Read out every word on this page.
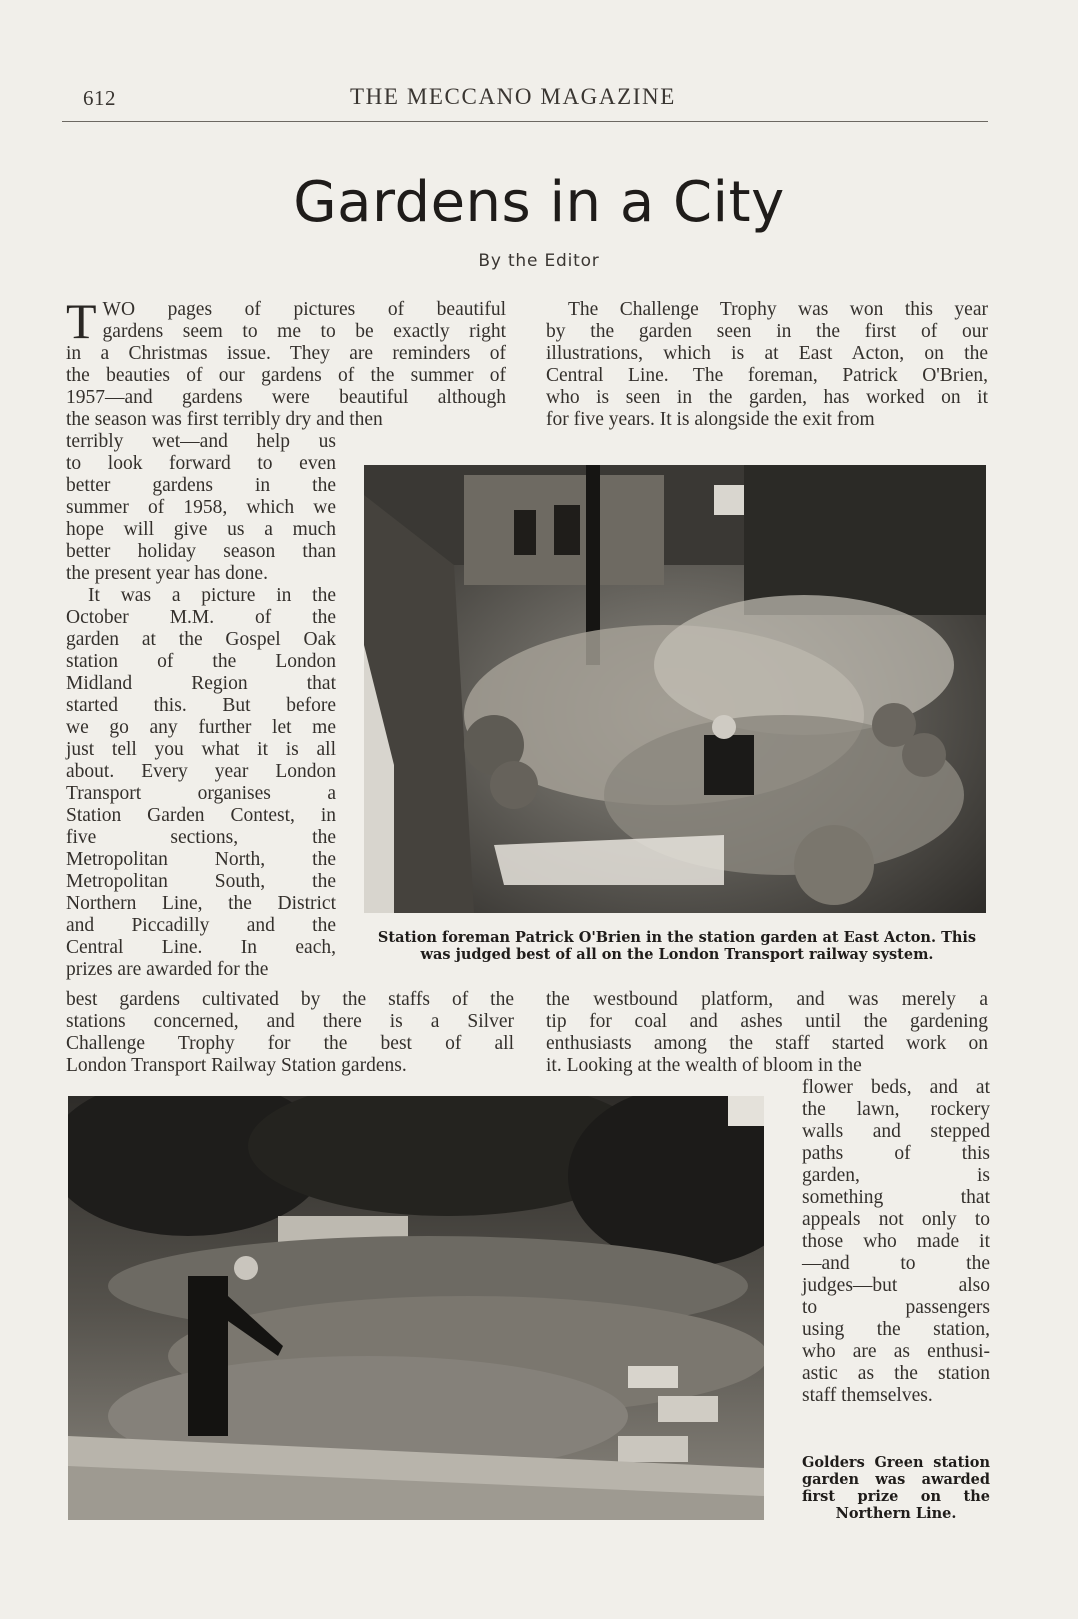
612	THE MECCANO MAGAZINE
Gardens in a City
By the Editor
T WO pages of pictures of beautiful
gardens seem to me to be exactly right
in a Christmas issue. They are reminders of
the beauties of our gardens of the summer of
1957—and gardens were beautiful although
the season was first terribly dry and then
terribly wet—and help us
to look forward to even
better gardens in the
summer of 1958, which we
hope will give us a much
better holiday season than
the present year has done.
It was a picture in the
October M.M. of the
garden at the Gospel Oak
station of the London
Midland Region that
started this. But before
we go any further let me
just tell you what it is all
about. Every year London
Transport organises a
Station Garden Contest, in
five sections, the
Metropolitan North, the
Metropolitan South, the
Northern Line, the District
and Piccadilly and the
Central Line. In each,
prizes are awarded for the
best gardens cultivated by the staffs of the
stations concerned, and there is a Silver
Challenge Trophy for the best of all
London Transport Railway Station gardens.
The Challenge Trophy was won this year
by the garden seen in the first of our
illustrations, which is at East Acton, on the
Central Line. The foreman, Patrick O'Brien,
who is seen in the garden, has worked on it
for five years. It is alongside the exit from
the westbound platform, and was merely a
tip for coal and ashes until the gardening
enthusiasts among the staff started work on
it. Looking at the wealth of bloom in the
flower beds, and at
the lawn, rockery
walls and stepped
paths of this
garden, is
something that
appeals not only to
those who made it
—and to the
judges—but also
to passengers
using the station,
who are as enthusi-
astic as the station
staff themselves.
Station foreman Patrick O'Brien in the station garden at East Acton. This
was judged best of all on the London Transport railway system.
Golders Green station
garden was awarded
first prize on the
Northern Line.
